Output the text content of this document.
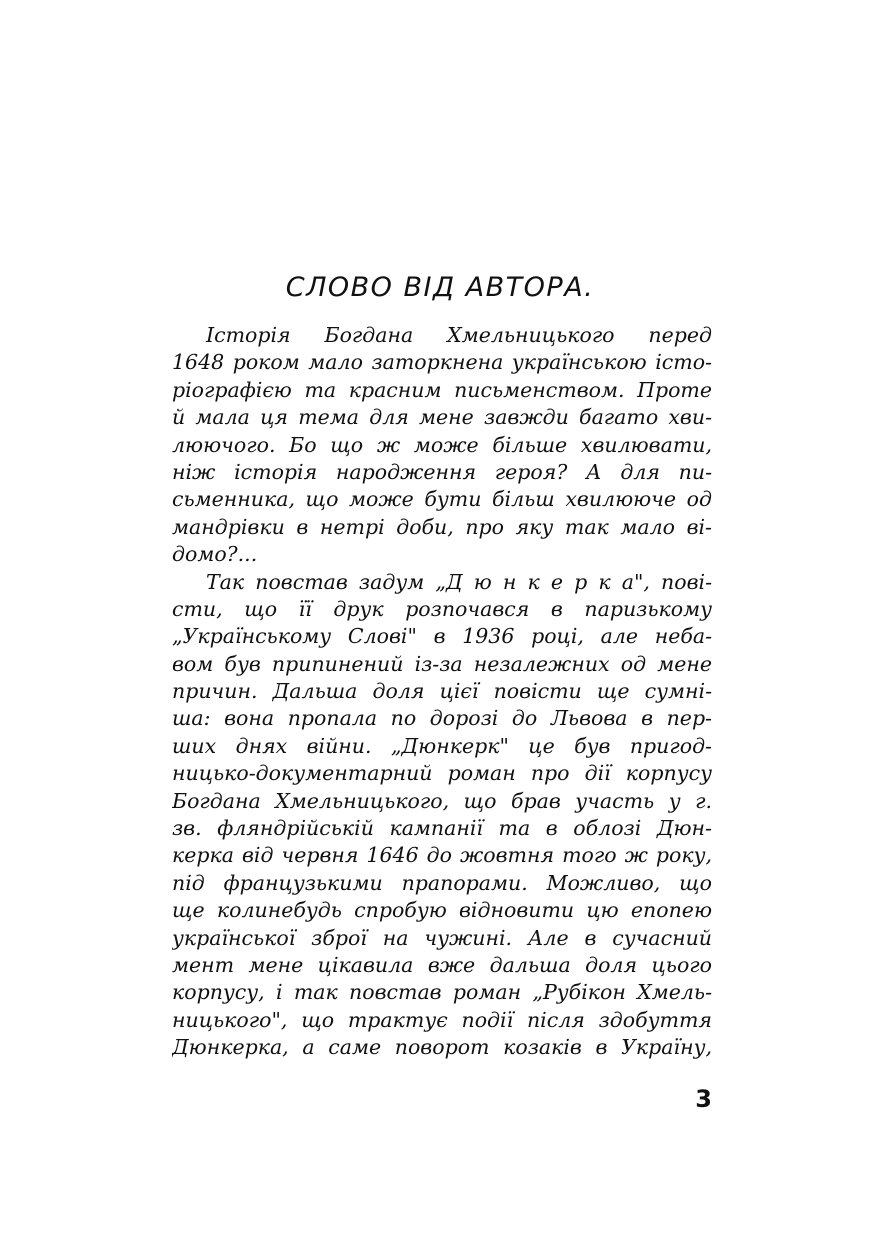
СЛОВО ВІД АВТОРА.
Історія Богдана Хмельницького перед
1648 роком мало заторкнена українською істо-
ріографією та красним письменством. Проте
й мала ця тема для мене завжди багато хви-
люючого. Бо що ж може більше хвилювати,
ніж історія народження героя? А для пи-
сьменника, що може бути більш хвилююче од
мандрівки в нетрі доби, про яку так мало ві-
домо?...
Так повстав задум „Д ю н к е р к а", пові-
сти, що її друк розпочався в паризькому
„Українському Слові" в 1936 році, але неба-
вом був припинений із-за незалежних од мене
причин. Дальша доля цієї повісти ще сумні-
ша: вона пропала по дорозі до Львова в пер-
ших днях війни. „Дюнкерк" це був пригод-
ницько-документарний роман про дії корпусу
Богдана Хмельницького, що брав участь у г.
зв. фляндрійській кампанії та в облозі Дюн-
керка від червня 1646 до жовтня того ж року,
під французькими прапорами. Можливо, що
ще колинебудь спробую відновити цю епопею
української зброї на чужині. Але в сучасний
мент мене цікавила вже дальша доля цього
корпусу, і так повстав роман „Рубікон Хмель-
ницького", що трактує події після здобуття
Дюнкерка, а саме поворот козаків в Україну,
3
